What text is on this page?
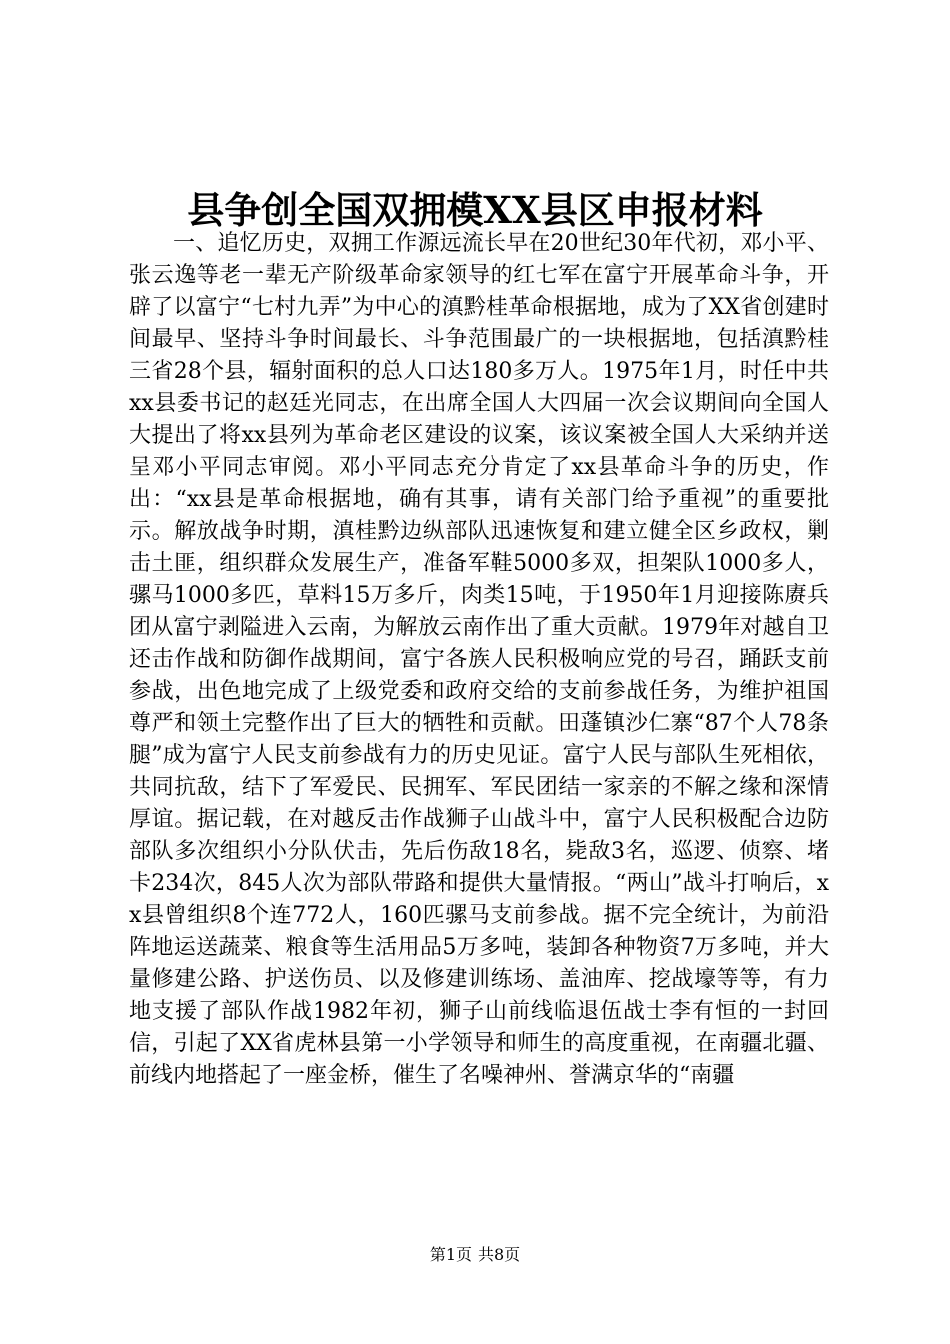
县争创全国双拥模XX县区申报材料

一、追忆历史，双拥工作源远流长早在20世纪30年代初，邓小平、张云逸等老一辈无产阶级革命家领导的红七军在富宁开展革命斗争，开辟了以富宁“七村九弄”为中心的滇黔桂革命根据地，成为了XX省创建时间最早、坚持斗争时间最长、斗争范围最广的一块根据地，包括滇黔桂三省28个县，辐射面积的总人口达180多万人。1975年1月，时任中共xx县委书记的赵廷光同志，在出席全国人大四届一次会议期间向全国人大提出了将xx县列为革命老区建设的议案，该议案被全国人大采纳并送呈邓小平同志审阅。邓小平同志充分肯定了xx县革命斗争的历史，作出：“xx县是革命根据地，确有其事，请有关部门给予重视”的重要批示。解放战争时期，滇桂黔边纵部队迅速恢复和建立健全区乡政权，剿击土匪，组织群众发展生产，准备军鞋5000多双，担架队1000多人，骡马1000多匹，草料15万多斤，肉类15吨，于1950年1月迎接陈赓兵团从富宁剥隘进入云南，为解放云南作出了重大贡献。1979年对越自卫还击作战和防御作战期间，富宁各族人民积极响应党的号召，踊跃支前参战，出色地完成了上级党委和政府交给的支前参战任务，为维护祖国尊严和领土完整作出了巨大的牺牲和贡献。田蓬镇沙仁寨“87个人78条腿”成为富宁人民支前参战有力的历史见证。富宁人民与部队生死相依，共同抗敌，结下了军爱民、民拥军、军民团结一家亲的不解之缘和深情厚谊。据记载，在对越反击作战狮子山战斗中，富宁人民积极配合边防部队多次组织小分队伏击，先后伤敌18名，毙敌3名，巡逻、侦察、堵卡234次，845人次为部队带路和提供大量情报。“两山”战斗打响后，xx县曾组织8个连772人，160匹骡马支前参战。据不完全统计，为前沿阵地运送蔬菜、粮食等生活用品5万多吨，装卸各种物资7万多吨，并大量修建公路、护送伤员、以及修建训练场、盖油库、挖战壕等等，有力地支援了部队作战1982年初，狮子山前线临退伍战士李有恒的一封回信，引起了XX省虎林县第一小学领导和师生的高度重视，在南疆北疆、前线内地搭起了一座金桥，催生了名噪神州、誉满京华的“南疆

第1页 共8页
